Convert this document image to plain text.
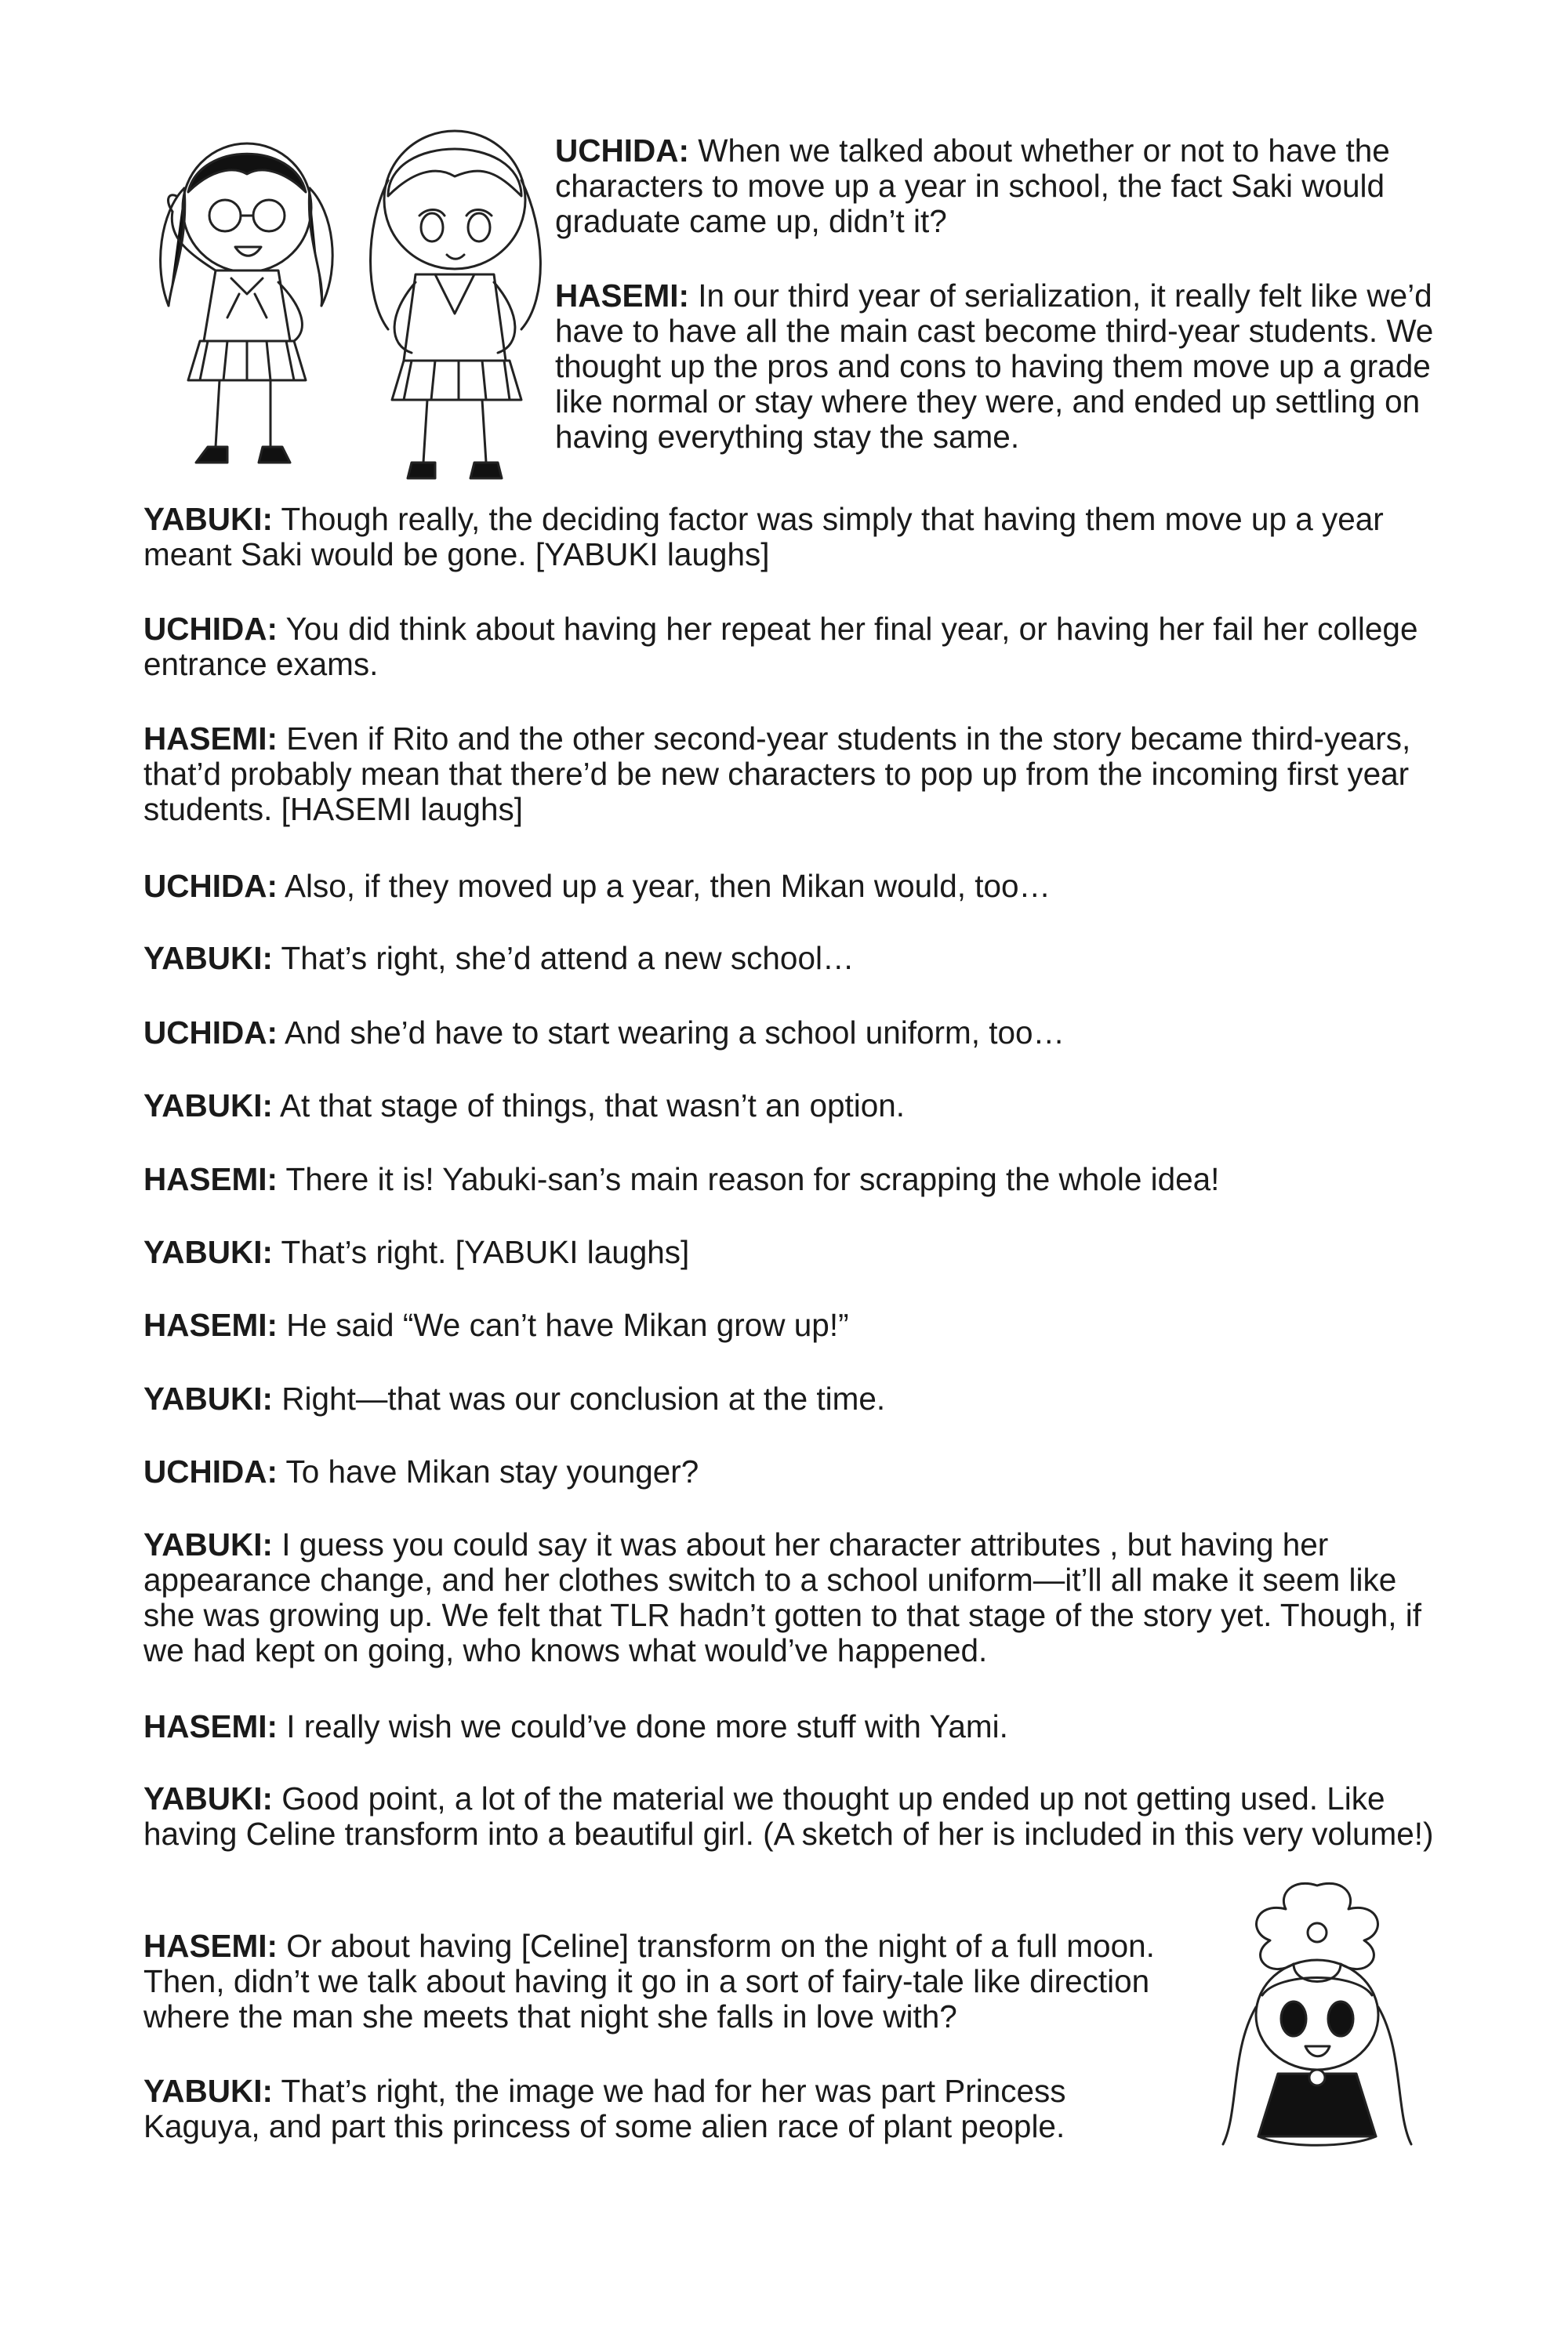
UCHIDA: When we talked about whether or not to have the characters to move up a year in school, the fact Saki would graduate came up, didn’t it?

HASEMI: In our third year of serialization, it really felt like we’d have to have all the main cast become third-year students. We thought up the pros and cons to having them move up a grade like normal or stay where they were, and ended up settling on having everything stay the same.

YABUKI: Though really, the deciding factor was simply that having them move up a year meant Saki would be gone. [YABUKI laughs]

UCHIDA: You did think about having her repeat her final year, or having her fail her college entrance exams.

HASEMI: Even if Rito and the other second-year students in the story became third-years, that’d probably mean that there’d be new characters to pop up from the incoming first year students. [HASEMI laughs]

UCHIDA: Also, if they moved up a year, then Mikan would, too…

YABUKI: That’s right, she’d attend a new school…

UCHIDA: And she’d have to start wearing a school uniform, too…

YABUKI: At that stage of things, that wasn’t an option.

HASEMI: There it is! Yabuki-san’s main reason for scrapping the whole idea!

YABUKI: That’s right. [YABUKI laughs]

HASEMI: He said “We can’t have Mikan grow up!”

YABUKI: Right—that was our conclusion at the time.

UCHIDA: To have Mikan stay younger?

YABUKI: I guess you could say it was about her character attributes , but having her appearance change, and her clothes switch to a school uniform—it’ll all make it seem like she was growing up. We felt that TLR hadn’t gotten to that stage of the story yet. Though, if we had kept on going, who knows what would’ve happened.

HASEMI: I really wish we could’ve done more stuff with Yami.

YABUKI: Good point, a lot of the material we thought up ended up not getting used. Like having Celine transform into a beautiful girl. (A sketch of her is included in this very volume!)

HASEMI: Or about having [Celine] transform on the night of a full moon. Then, didn’t we talk about having it go in a sort of fairy-tale like direction where the man she meets that night she falls in love with?

YABUKI: That’s right, the image we had for her was part Princess Kaguya, and part this princess of some alien race of plant people.
